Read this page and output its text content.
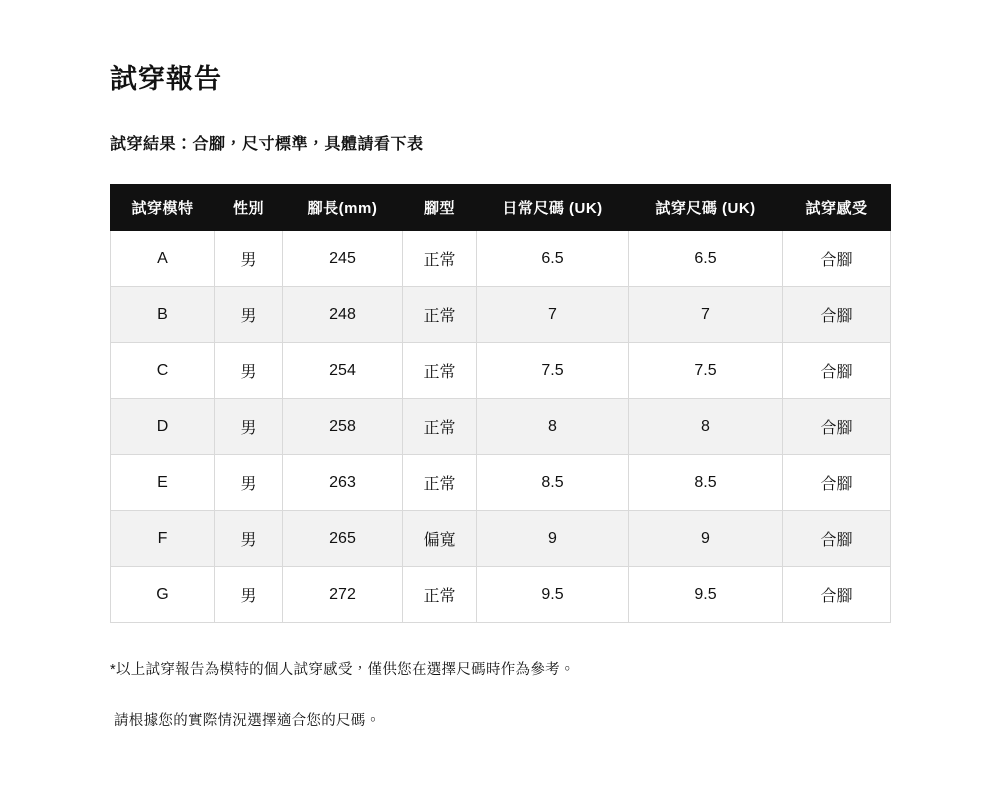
試穿報告
試穿結果：合腳，尺寸標準，具體請看下表
試穿模特	性別	腳長(mm)	腳型	日常尺碼 (UK)	試穿尺碼 (UK)	試穿感受
A	男	245	正常	6.5	6.5	合腳
B	男	248	正常	7	7	合腳
C	男	254	正常	7.5	7.5	合腳
D	男	258	正常	8	8	合腳
E	男	263	正常	8.5	8.5	合腳
F	男	265	偏寬	9	9	合腳
G	男	272	正常	9.5	9.5	合腳

*以上試穿報告為模特的個人試穿感受，僅供您在選擇尺碼時作為參考。

請根據您的實際情況選擇適合您的尺碼。
